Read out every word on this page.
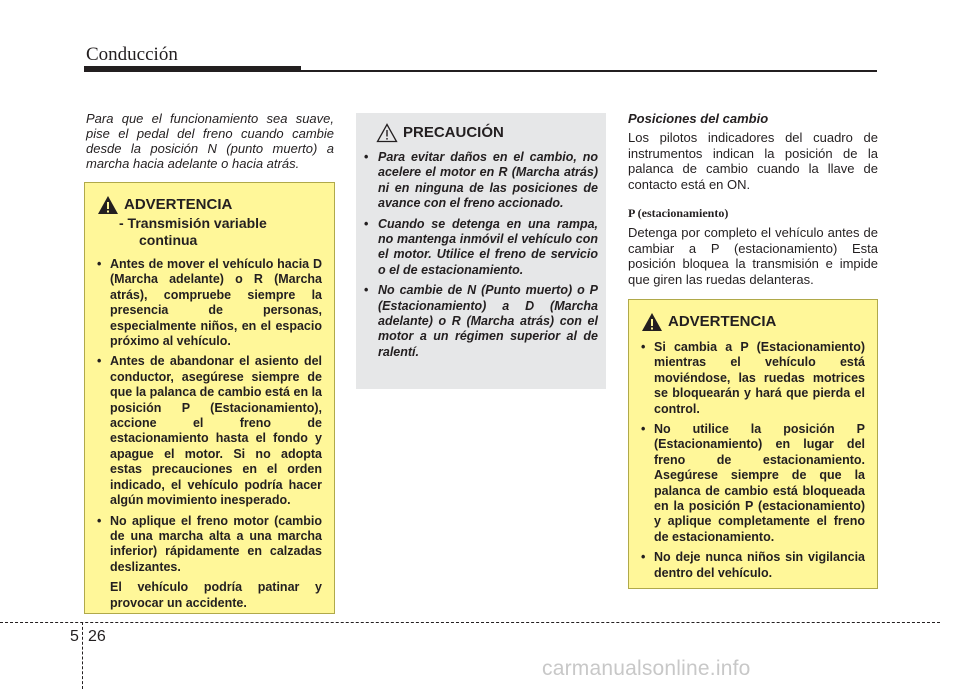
Conducción

Para que el funcionamiento sea suave, pise el pedal del freno cuando cambie desde la posición N (punto muerto) a marcha hacia adelante o hacia atrás.

ADVERTENCIA
- Transmisión variable
continua
• Antes de mover el vehículo hacia D (Marcha adelante) o R (Marcha atrás), compruebe siempre la presencia de personas, especialmente niños, en el espacio próximo al vehículo.
• Antes de abandonar el asiento del conductor, asegúrese siempre de que la palanca de cambio está en la posición P (Estacionamiento), accione el freno de estacionamiento hasta el fondo y apague el motor. Si no adopta estas precauciones en el orden indicado, el vehículo podría hacer algún movimiento inesperado.
• No aplique el freno motor (cambio de una marcha alta a una marcha inferior) rápidamente en calzadas deslizantes.

El vehículo podría patinar y provocar un accidente.

PRECAUCIÓN
• Para evitar daños en el cambio, no acelere el motor en R (Marcha atrás) ni en ninguna de las posiciones de avance con el freno accionado.
• Cuando se detenga en una rampa, no mantenga inmóvil el vehículo con el motor. Utilice el freno de servicio o el de estacionamiento.
• No cambie de N (Punto muerto) o P (Estacionamiento) a D (Marcha adelante) o R (Marcha atrás) con el motor a un régimen superior al de ralentí.
Posiciones del cambio

Los pilotos indicadores del cuadro de instrumentos indican la posición de la palanca de cambio cuando la llave de contacto está en ON.

P (estacionamiento)

Detenga por completo el vehículo antes de cambiar a P (estacionamiento) Esta posición bloquea la transmisión e impide que giren las ruedas delanteras.

ADVERTENCIA
• Si cambia a P (Estacionamiento) mientras el vehículo está moviéndose, las ruedas motrices se bloquearán y hará que pierda el control.
• No utilice la posición P (Estacionamiento) en lugar del freno de estacionamiento. Asegúrese siempre de que la palanca de cambio está bloqueada en la posición P (estacionamiento) y aplique completamente el freno de estacionamiento.
• No deje nunca niños sin vigilancia dentro del vehículo.
5 26
carmanualsonline.info
